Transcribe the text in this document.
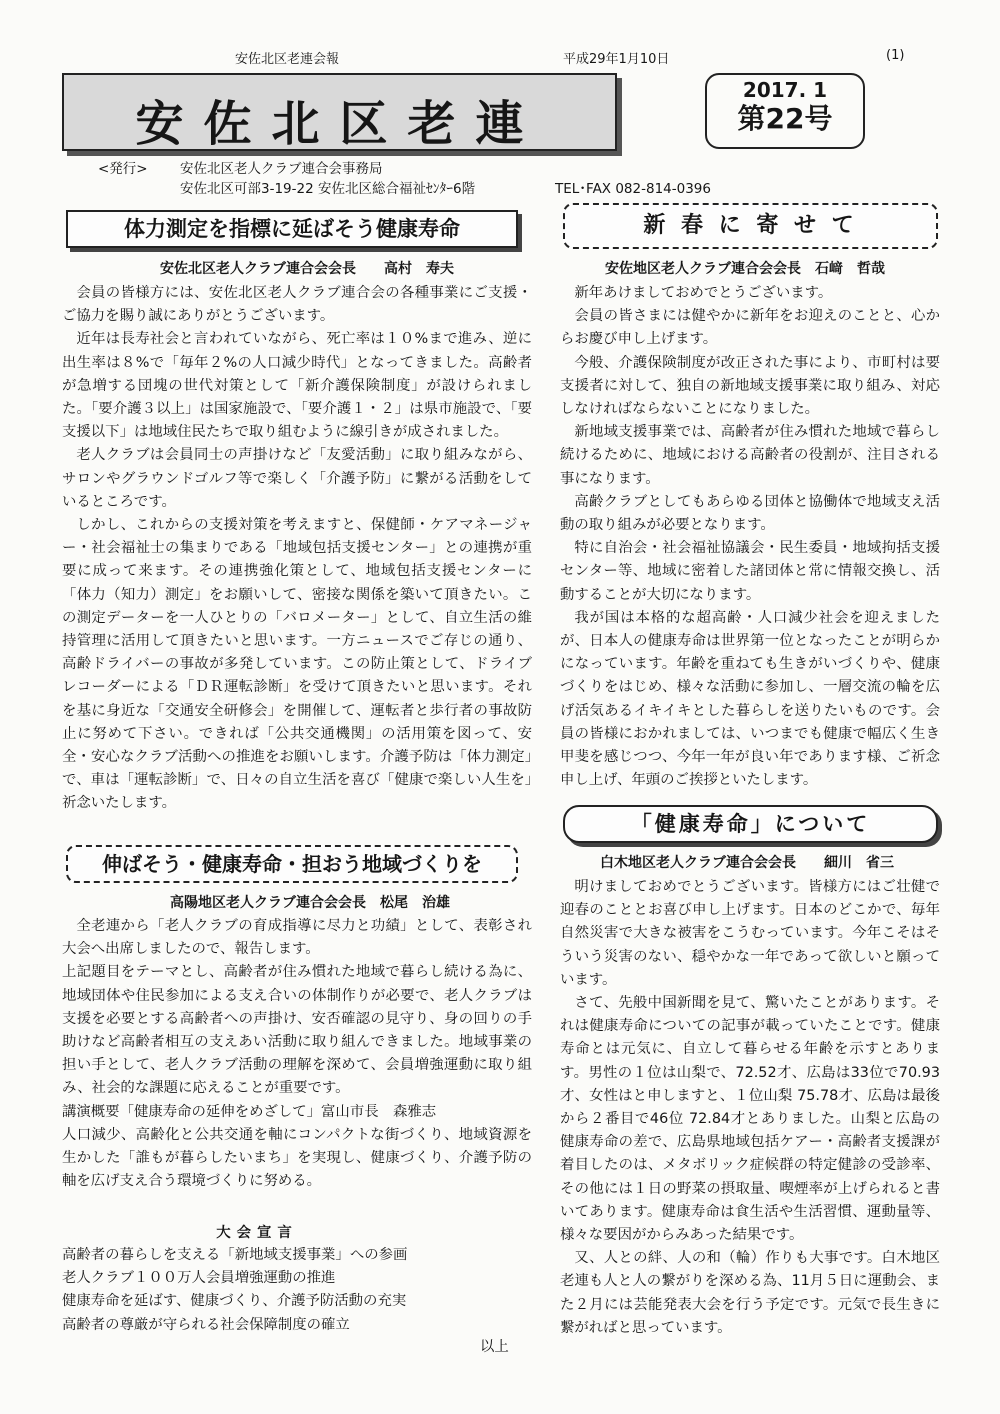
安佐北区老連会報	平成29年1月10日	(1)
安佐北区老連
2017. 1
第22号
<発行> 安佐北区老人クラブ連合会事務局
安佐北区可部3-19-22 安佐北区総合福祉ｾﾝﾀｰ6階	TEL･FAX 082-814-0396
体力測定を指標に延ばそう健康寿命
安佐北区老人クラブ連合会会長　　高村　寿夫

会員の皆様方には、安佐北区老人クラブ連合会の各種事業にご支援・ご協力を賜り誠にありがとうございます。

近年は長寿社会と言われていながら、死亡率は１０%まで進み、逆に出生率は８%で「毎年２%の人口減少時代」となってきました。高齢者が急増する団塊の世代対策として「新介護保険制度」が設けられました。「要介護３以上」は国家施設で、「要介護１・２」は県市施設で、「要支援以下」は地域住民たちで取り組むように線引きが成されました。

老人クラブは会員同士の声掛けなど「友愛活動」に取り組みながら、サロンやグラウンドゴルフ等で楽しく「介護予防」に繋がる活動をしているところです。

しかし、これからの支援対策を考えますと、保健師・ケアマネージャー・社会福祉士の集まりである「地域包括支援センター」との連携が重要に成って来ます。その連携強化策として、地域包括支援センターに「体力（知力）測定」をお願いして、密接な関係を築いて頂きたい。この測定データーを一人ひとりの「バロメーター」として、自立生活の維持管理に活用して頂きたいと思います。一方ニュースでご存じの通り、高齢ドライバーの事故が多発しています。この防止策として、ドライブレコーダーによる「ＤＲ運転診断」を受けて頂きたいと思います。それを基に身近な「交通安全研修会」を開催して、運転者と歩行者の事故防止に努めて下さい。できれば「公共交通機関」の活用策を図って、安全・安心なクラブ活動への推進をお願いします。介護予防は「体力測定」で、車は「運転診断」で、日々の自立生活を喜び「健康で楽しい人生を」祈念いたします。

伸ばそう・健康寿命・担おう地域づくりを
高陽地区老人クラブ連合会会長　松尾　治雄

全老連から「老人クラブの育成指導に尽力と功績」として、表彰され大会へ出席しましたので、報告します。

上記題目をテーマとし、高齢者が住み慣れた地域で暮らし続ける為に、地域団体や住民参加による支え合いの体制作りが必要で、老人クラブは支援を必要とする高齢者への声掛け、安否確認の見守り、身の回りの手助けなど高齢者相互の支えあい活動に取り組んできました。地域事業の担い手として、老人クラブ活動の理解を深めて、会員増強運動に取り組み、社会的な課題に応えることが重要です。

講演概要「健康寿命の延伸をめざして」富山市長　森雅志

人口減少、高齢化と公共交通を軸にコンパクトな街づくり、地域資源を生かした「誰もが暮らしたいまち」を実現し、健康づくり、介護予防の軸を広げ支え合う環境づくりに努める。

大会宣言
高齢者の暮らしを支える「新地域支援事業」への参画
老人クラブ１００万人会員増強運動の推進
健康寿命を延ばす、健康づくり、介護予防活動の充実
高齢者の尊厳が守られる社会保障制度の確立
以上
新 春 に 寄 せ て
安佐地区老人クラブ連合会会長　石﨑　哲哉

新年あけましておめでとうございます。

会員の皆さまには健やかに新年をお迎えのことと、心からお慶び申し上げます。

今般、介護保険制度が改正された事により、市町村は要支援者に対して、独自の新地域支援事業に取り組み、対応しなければならないことになりました。

新地域支援事業では、高齢者が住み慣れた地域で暮らし続けるために、地域における高齢者の役割が、注目される事になります。

高齢クラブとしてもあらゆる団体と協働体で地域支え活動の取り組みが必要となります。

特に自治会・社会福祉協議会・民生委員・地域拘括支援センター等、地域に密着した諸団体と常に情報交換し、活動することが大切になります。

我が国は本格的な超高齢・人口減少社会を迎えましたが、日本人の健康寿命は世界第一位となったことが明らかになっています。年齢を重ねても生きがいづくりや、健康づくりをはじめ、様々な活動に参加し、一層交流の輪を広げ活気あるイキイキとした暮らしを送りたいものです。会員の皆様におかれましては、いつまでも健康で幅広く生き甲斐を感じつつ、今年一年が良い年であります様、ご祈念申し上げ、年頭のご挨拶といたします。

「健康寿命」について
白木地区老人クラブ連合会会長　　細川　省三

明けましておめでとうございます。皆様方にはご壮健で迎春のこととお喜び申し上げます。日本のどこかで、毎年自然災害で大きな被害をこうむっています。今年こそはそういう災害のない、穏やかな一年であって欲しいと願っています。

さて、先般中国新聞を見て、驚いたことがあります。それは健康寿命についての記事が載っていたことです。健康寿命とは元気に、自立して暮らせる年齢を示すとあります。男性の１位は山梨で、72.52才、広島は33位で70.93才、女性はと申しますと、１位山梨 75.78才、広島は最後から２番目で46位 72.84才とありました。山梨と広島の健康寿命の差で、広島県地域包括ケアー・高齢者支援課が着目したのは、メタボリック症候群の特定健診の受診率、その他には１日の野菜の摂取量、喫煙率が上げられると書いてあります。健康寿命は食生活や生活習慣、運動量等、様々な要因がからみあった結果です。

又、人との絆、人の和（輪）作りも大事です。白木地区老連も人と人の繋がりを深める為、11月５日に運動会、また２月には芸能発表大会を行う予定です。元気で長生きに繋がればと思っています。
